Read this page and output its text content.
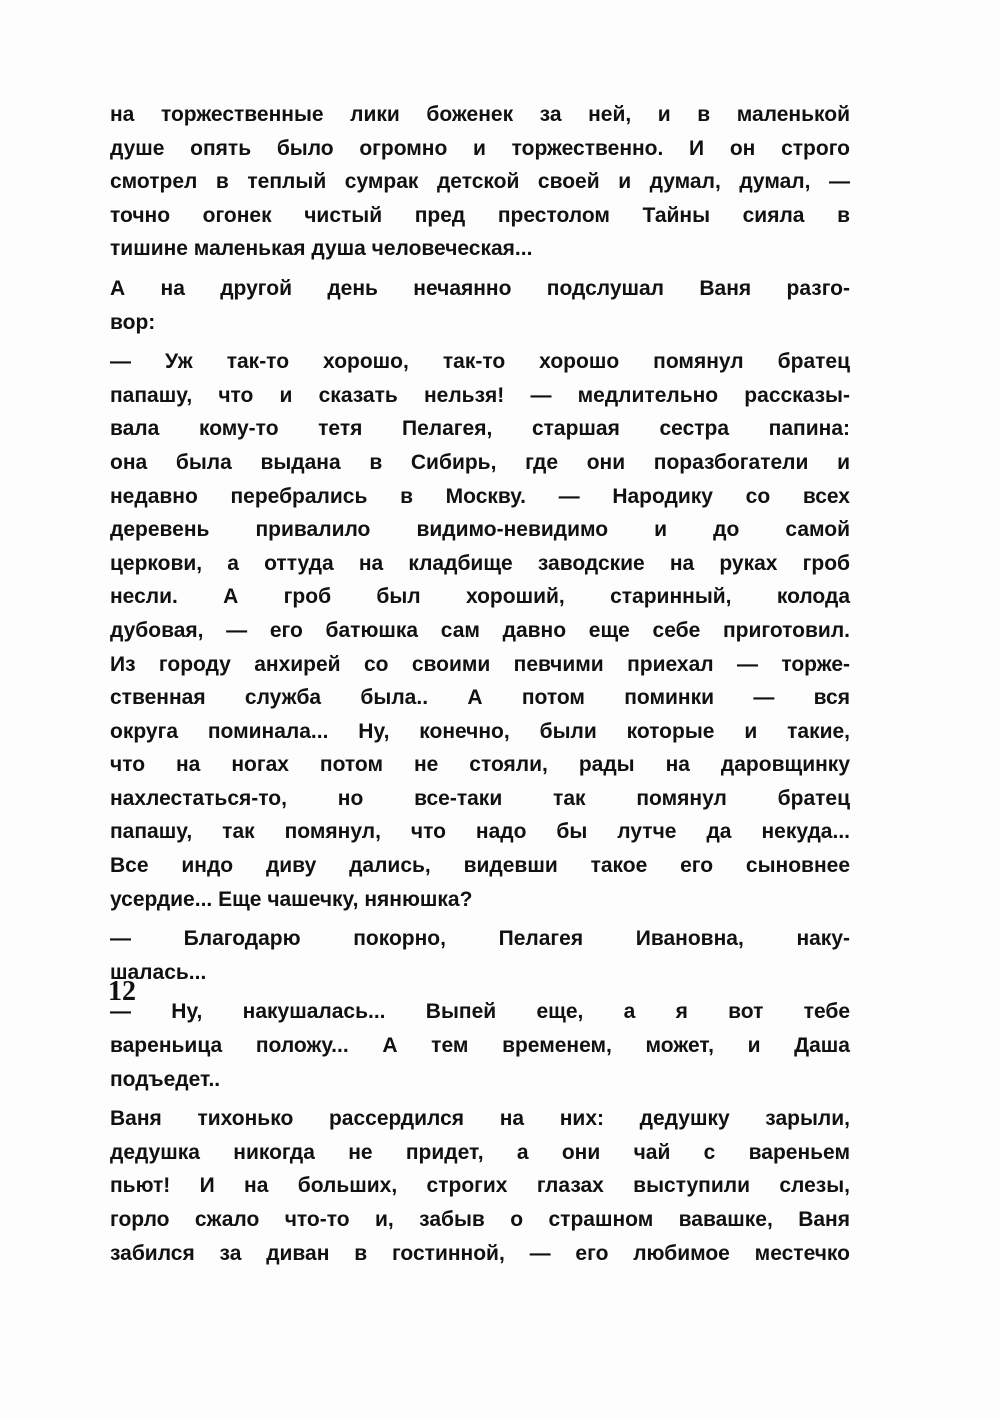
на торжественные лики боженек за ней, и в маленькой
душе опять было огромно и торжественно. И он строго
смотрел в теплый сумрак детской своей и думал, думал, —
точно огонек чистый пред престолом Тайны сияла в
тишине маленькая душа человеческая...
А на другой день нечаянно подслушал Ваня разго-
вор:
— Уж так-то хорошо, так-то хорошо помянул братец
папашу, что и сказать нельзя! — медлительно рассказы-
вала кому-то тетя Пелагея, старшая сестра папина:
она была выдана в Сибирь, где они поразбогатели и
недавно перебрались в Москву. — Народику со всех
деревень привалило видимо-невидимо и до самой
церкови, а оттуда на кладбище заводские на руках гроб
несли. А гроб был хороший, старинный, колода
дубовая, — его батюшка сам давно еще себе приготовил.
Из городу анхирей со своими певчими приехал — торже-
ственная служба была.. А потом поминки — вся
округа поминала... Ну, конечно, были которые и такие,
что на ногах потом не стояли, рады на даровщинку
нахлестаться-то, но все-таки так помянул братец
папашу, так помянул, что надо бы лутче да некуда...
Все индо диву дались, видевши такое его сыновнее
усердие... Еще чашечку, нянюшка?
— Благодарю покорно, Пелагея Ивановна, наку-
шалась...
— Ну, накушалась... Выпей еще, а я вот тебе
вареньица положу... А тем временем, может, и Даша
подъедет..
Ваня тихонько рассердился на них: дедушку зарыли,
дедушка никогда не придет, а они чай с вареньем
пьют! И на больших, строгих глазах выступили слезы,
горло сжало что-то и, забыв о страшном вавашке, Ваня
забился за диван в гостинной, — его любимое местечко
12
